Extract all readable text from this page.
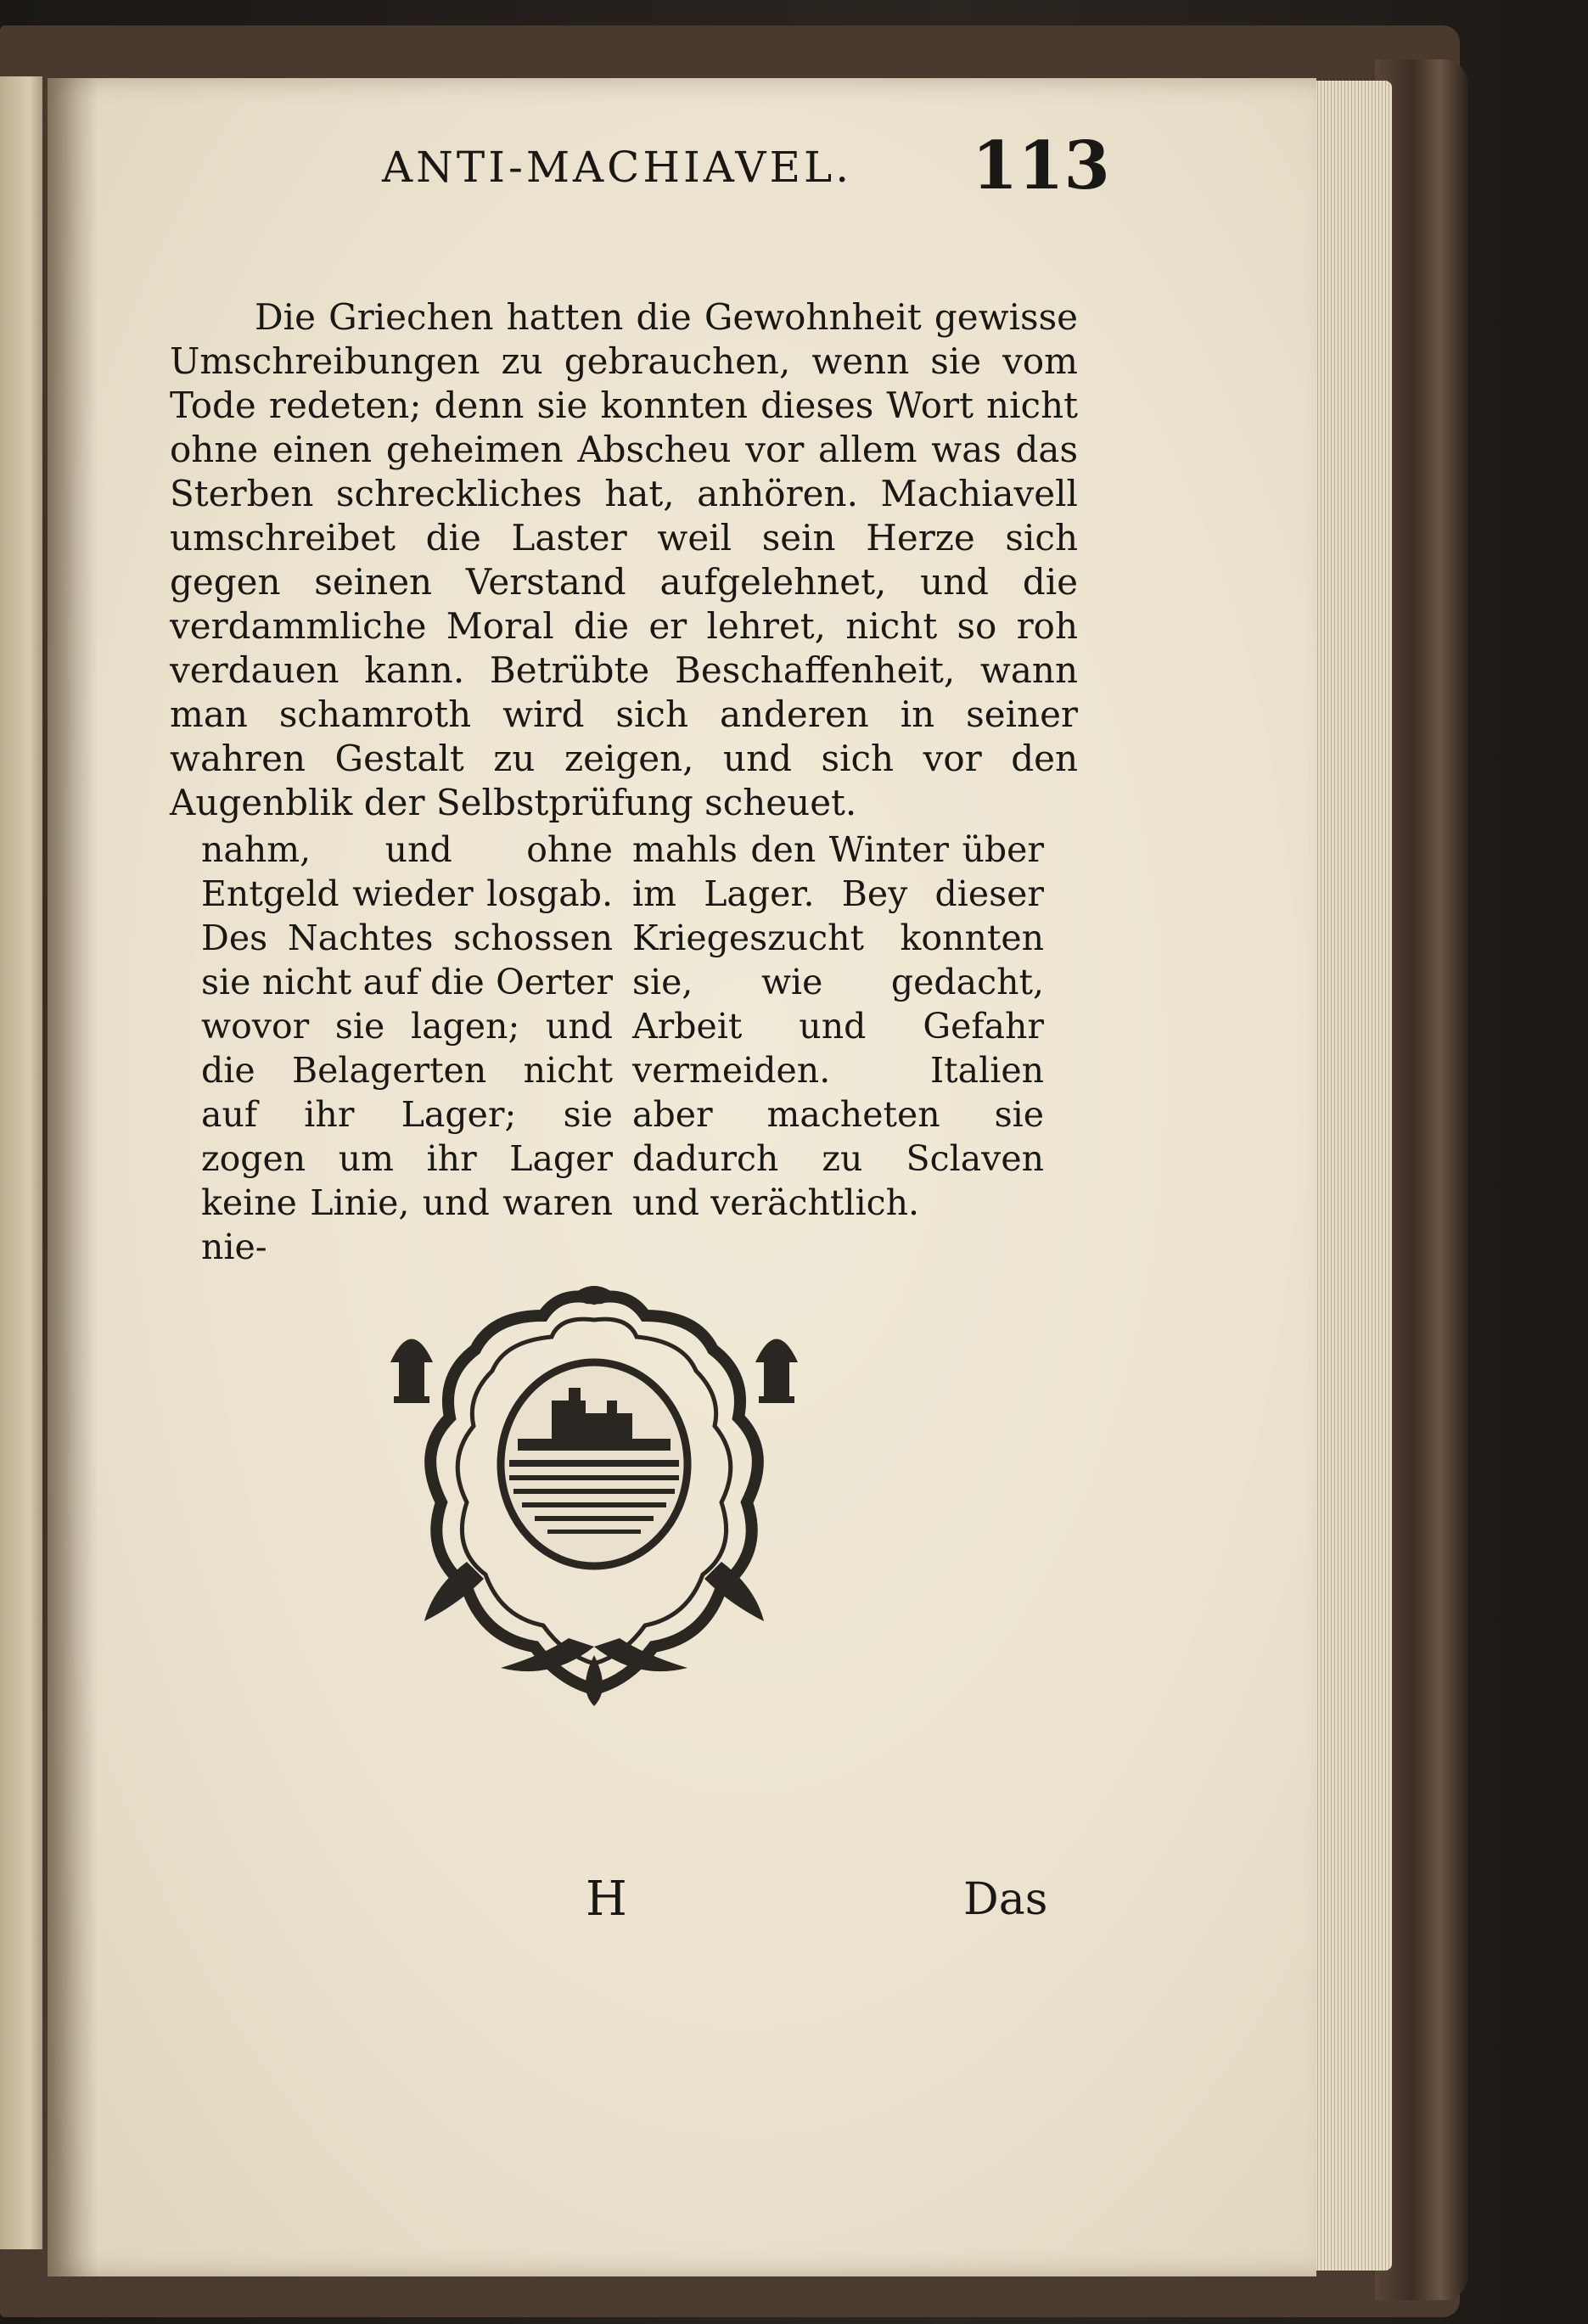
ANTI-MACHIAVEL. 113

Die Griechen hatten die Gewohnheit gewisse Umschreibungen zu gebrauchen, wenn sie vom Tode redeten; denn sie konnten dieses Wort nicht ohne einen geheimen Abscheu vor allem was das Sterben schreckliches hat, anhören. Machiavell umschreibet die Laster weil sein Herze sich gegen seinen Verstand aufgelehnet, und die verdammliche Moral die er lehret, nicht so roh verdauen kann. Betrübte Beschaffenheit, wann man schamroth wird sich anderen in seiner wahren Gestalt zu zeigen, und sich vor den Augenblik der Selbstprüfung scheuet.

nahm, und ohne Entgeld wieder losgab. Des Nachtes schossen sie nicht auf die Oerter wovor sie lagen; und die Belagerten nicht auf ihr Lager; sie zogen um ihr Lager keine Linie, und waren nie-
mahls den Winter über im Lager. Bey dieser Kriegeszucht konnten sie, wie gedacht, Arbeit und Gefahr vermeiden. Italien aber macheten sie dadurch zu Sclaven und verächtlich.
H	Das
